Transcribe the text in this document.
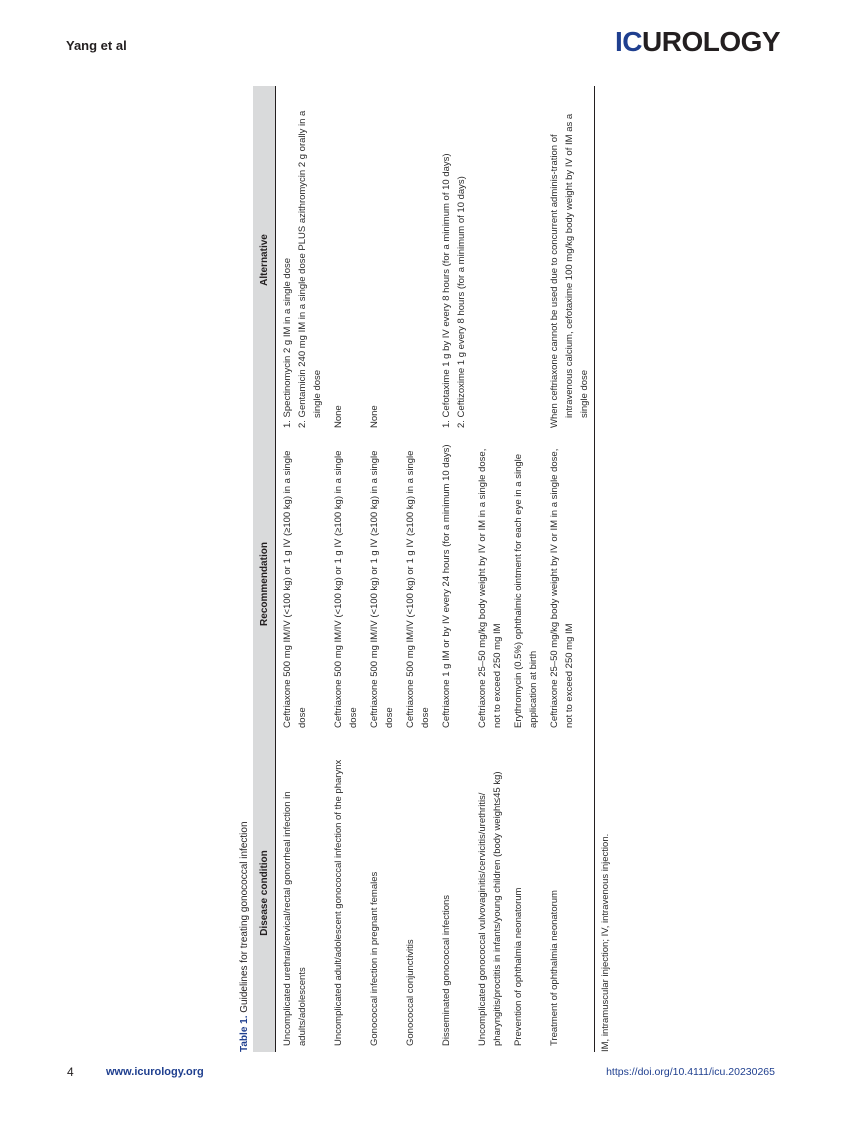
Yang et al	ICUROLOGY
Table 1. Guidelines for treating gonococcal infection Disease condition	Recommendation	Alternative
Uncomplicated urethral/cervical/rectal gonorrheal infection in adults/adolescents	Ceftriaxone 500 mg IM/IV (<100 kg) or 1 g IV (≥100 kg) in a single dose	1. Spectinomycin 2 g IM in a single dose 2. Gentamicin 240 mg IM in a single dose PLUS azithromycin 2 g orally in a single dose

Uncomplicated adult/adolescent gonococcal infection of the pharynx	Ceftriaxone 500 mg IM/IV (<100 kg) or 1 g IV (≥100 kg) in a single dose	None

Gonococcal infection in pregnant females	Ceftriaxone 500 mg IM/IV (<100 kg) or 1 g IV (≥100 kg) in a single dose	None

Gonococcal conjunctivitis	Ceftriaxone 500 mg IM/IV (<100 kg) or 1 g IV (≥100 kg) in a single dose	
Disseminated gonococcal infections	Ceftriaxone 1 g IM or by IV every 24 hours (for a minimum 10 days)	1. Cefotaxime 1 g by IV every 8 hours (for a minimum of 10 days) 2. Ceftizoxime 1 g every 8 hours (for a minimum of 10 days)

Uncomplicated gonococcal vulvovaginitis/cervicitis/urethritis/ pharyngitis/proctitis in infants/young children (body weight≤45 kg)	Ceftriaxone 25–50 mg/kg body weight by IV or IM in a single dose, not to exceed 250 mg IM	
Prevention of ophthalmia neonatorum	Erythromycin (0.5%) ophthalmic ointment for each eye in a single application at birth	
Treatment of ophthalmia neonatorum	Ceftriaxone 25–50 mg/kg body weight by IV or IM in a single dose, not to exceed 250 mg IM	When ceftriaxone cannot be used due to concurrent adminis-tration of intravenous calcium, cefotaxime 100 mg/kg body weight by IV of IM as a single dose
IM, intramuscular injection; IV, intravenous injection.
4	www.icurology.org	https://doi.org/10.4111/icu.20230265
